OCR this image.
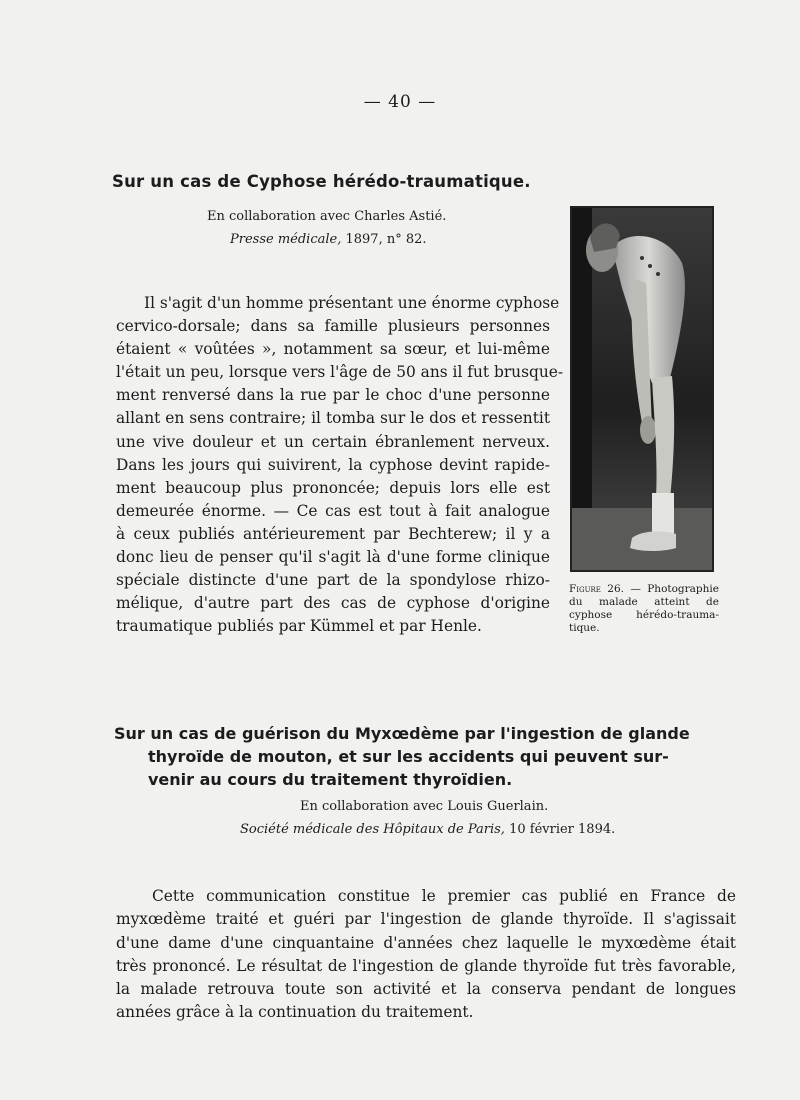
— 40 —
Sur un cas de Cyphose hérédo-traumatique.
En collaboration avec Charles Astié.
Presse médicale, 1897, n° 82.
Il s'agit d'un homme présentant une énorme cyphose
cervico-dorsale; dans sa famille plusieurs personnes
étaient « voûtées », notamment sa sœur, et lui-même
l'était un peu, lorsque vers l'âge de 50 ans il fut brusque-
ment renversé dans la rue par le choc d'une personne
allant en sens contraire; il tomba sur le dos et ressentit
une vive douleur et un certain ébranlement nerveux.
Dans les jours qui suivirent, la cyphose devint rapide-
ment beaucoup plus prononcée; depuis lors elle est
demeurée énorme. — Ce cas est tout à fait analogue
à ceux publiés antérieurement par Bechterew; il y a
donc lieu de penser qu'il s'agit là d'une forme clinique
spéciale distincte d'une part de la spondylose rhizo-
mélique, d'autre part des cas de cyphose d'origine
traumatique publiés par Kümmel et par Henle.
Figure 26. — Photographie du malade atteint de cyphose hérédo-trauma-tique.
Sur un cas de guérison du Myxœdème par l'ingestion de glande
thyroïde de mouton, et sur les accidents qui peuvent sur-
venir au cours du traitement thyroïdien.
En collaboration avec Louis Guerlain.
Société médicale des Hôpitaux de Paris, 10 février 1894.
Cette communication constitue le premier cas publié en France de
myxœdème traité et guéri par l'ingestion de glande thyroïde. Il s'agissait
d'une dame d'une cinquantaine d'années chez laquelle le myxœdème était
très prononcé. Le résultat de l'ingestion de glande thyroïde fut très favorable,
la malade retrouva toute son activité et la conserva pendant de longues
années grâce à la continuation du traitement.
